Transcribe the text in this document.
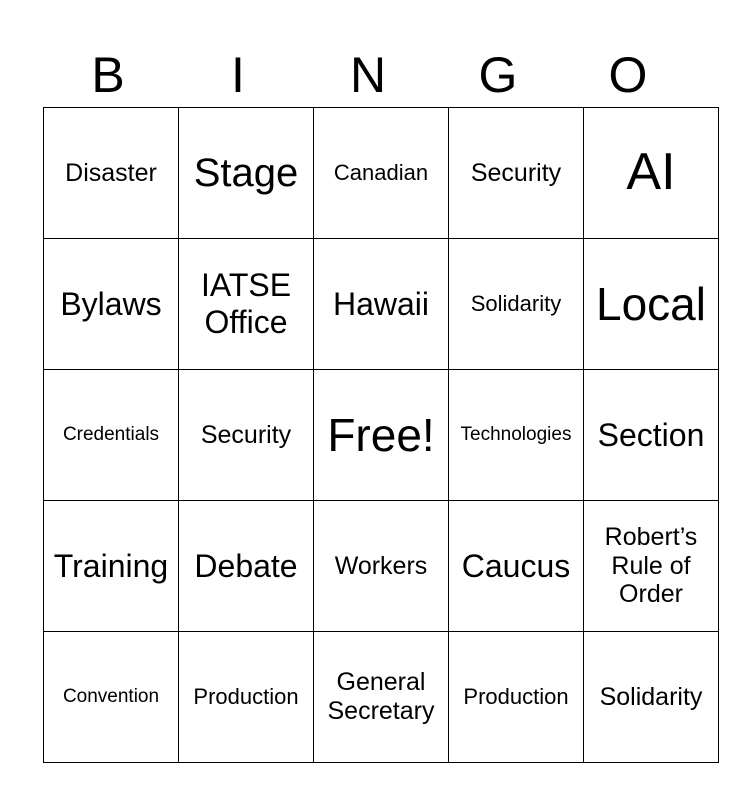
B	I	N	G	O
Disaster	Stage	Canadian	Security	AI
Bylaws	IATSE Office	Hawaii	Solidarity	Local
Credentials	Security	Free!	Technologies	Section
Training	Debate	Workers	Caucus	Robert’s Rule of Order
Convention	Production	General Secretary	Production	Solidarity
